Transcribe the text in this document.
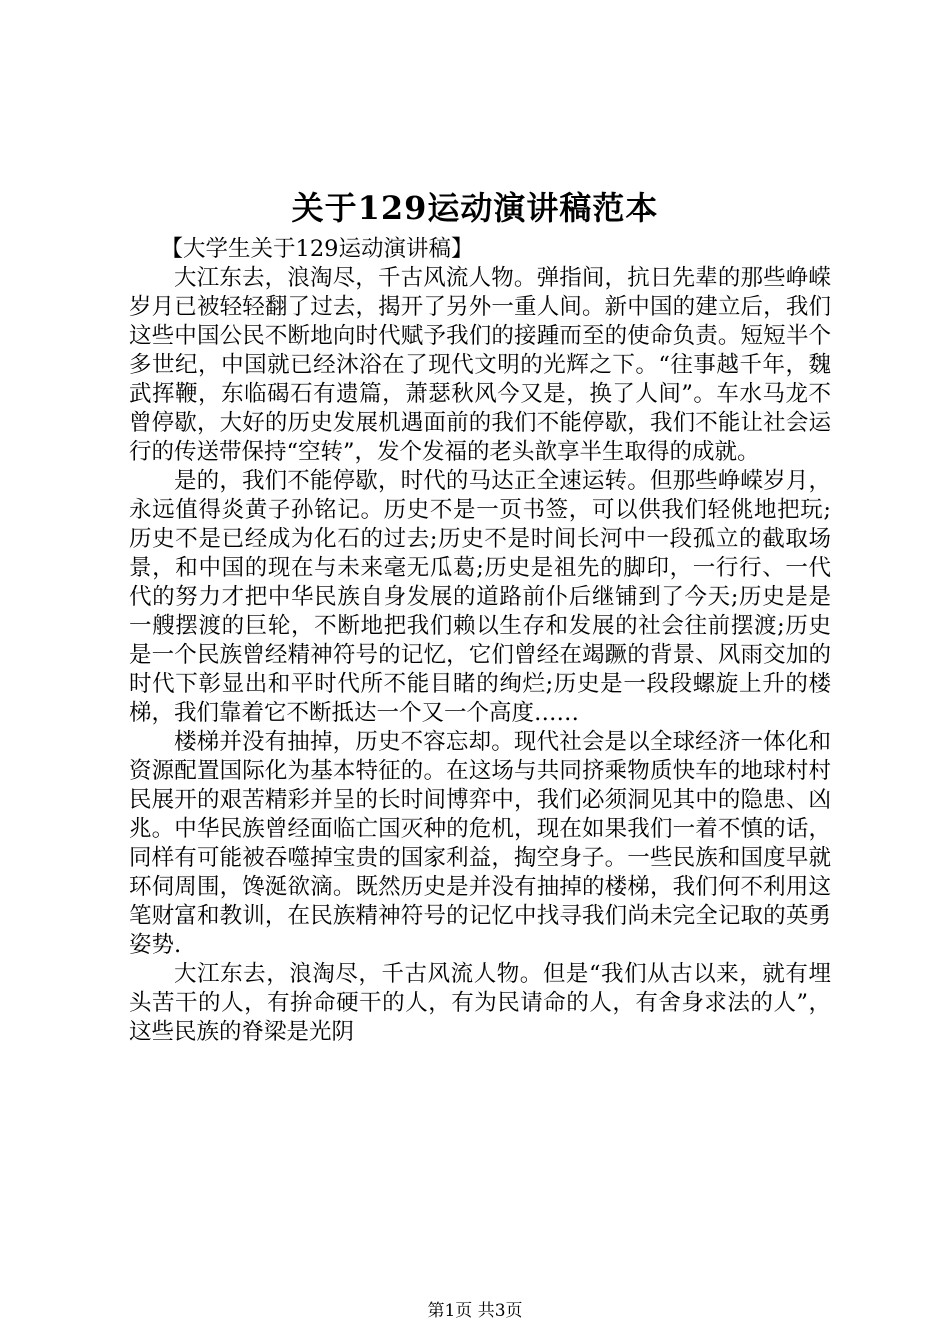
关于129运动演讲稿范本

【大学生关于129运动演讲稿】

大江东去，浪淘尽，千古风流人物。弹指间，抗日先辈的那些峥嵘岁月已被轻轻翻了过去，揭开了另外一重人间。新中国的建立后，我们这些中国公民不断地向时代赋予我们的接踵而至的使命负责。短短半个多世纪，中国就已经沐浴在了现代文明的光辉之下。“往事越千年，魏武挥鞭，东临碣石有遗篇，萧瑟秋风今又是，换了人间”。车水马龙不曾停歇，大好的历史发展机遇面前的我们不能停歇，我们不能让社会运行的传送带保持“空转”，发个发福的老头歆享半生取得的成就。

是的，我们不能停歇，时代的马达正全速运转。但那些峥嵘岁月，永远值得炎黄子孙铭记。历史不是一页书签，可以供我们轻佻地把玩;历史不是已经成为化石的过去;历史不是时间长河中一段孤立的截取场景，和中国的现在与未来毫无瓜葛;历史是祖先的脚印，一行行、一代代的努力才把中华民族自身发展的道路前仆后继铺到了今天;历史是是一艘摆渡的巨轮，不断地把我们赖以生存和发展的社会往前摆渡;历史是一个民族曾经精神符号的记忆，它们曾经在竭蹶的背景、风雨交加的时代下彰显出和平时代所不能目睹的绚烂;历史是一段段螺旋上升的楼梯，我们靠着它不断抵达一个又一个高度……

楼梯并没有抽掉，历史不容忘却。现代社会是以全球经济一体化和资源配置国际化为基本特征的。在这场与共同挤乘物质快车的地球村村民展开的艰苦精彩并呈的长时间博弈中，我们必须洞见其中的隐患、凶兆。中华民族曾经面临亡国灭种的危机，现在如果我们一着不慎的话，同样有可能被吞噬掉宝贵的国家利益，掏空身子。一些民族和国度早就环伺周围，馋涎欲滴。既然历史是并没有抽掉的楼梯，我们何不利用这笔财富和教训，在民族精神符号的记忆中找寻我们尚未完全记取的英勇姿势.

大江东去，浪淘尽，千古风流人物。但是“我们从古以来，就有埋头苦干的人，有拚命硬干的人，有为民请命的人，有舍身求法的人”，这些民族的脊梁是光阴

第1页 共3页
